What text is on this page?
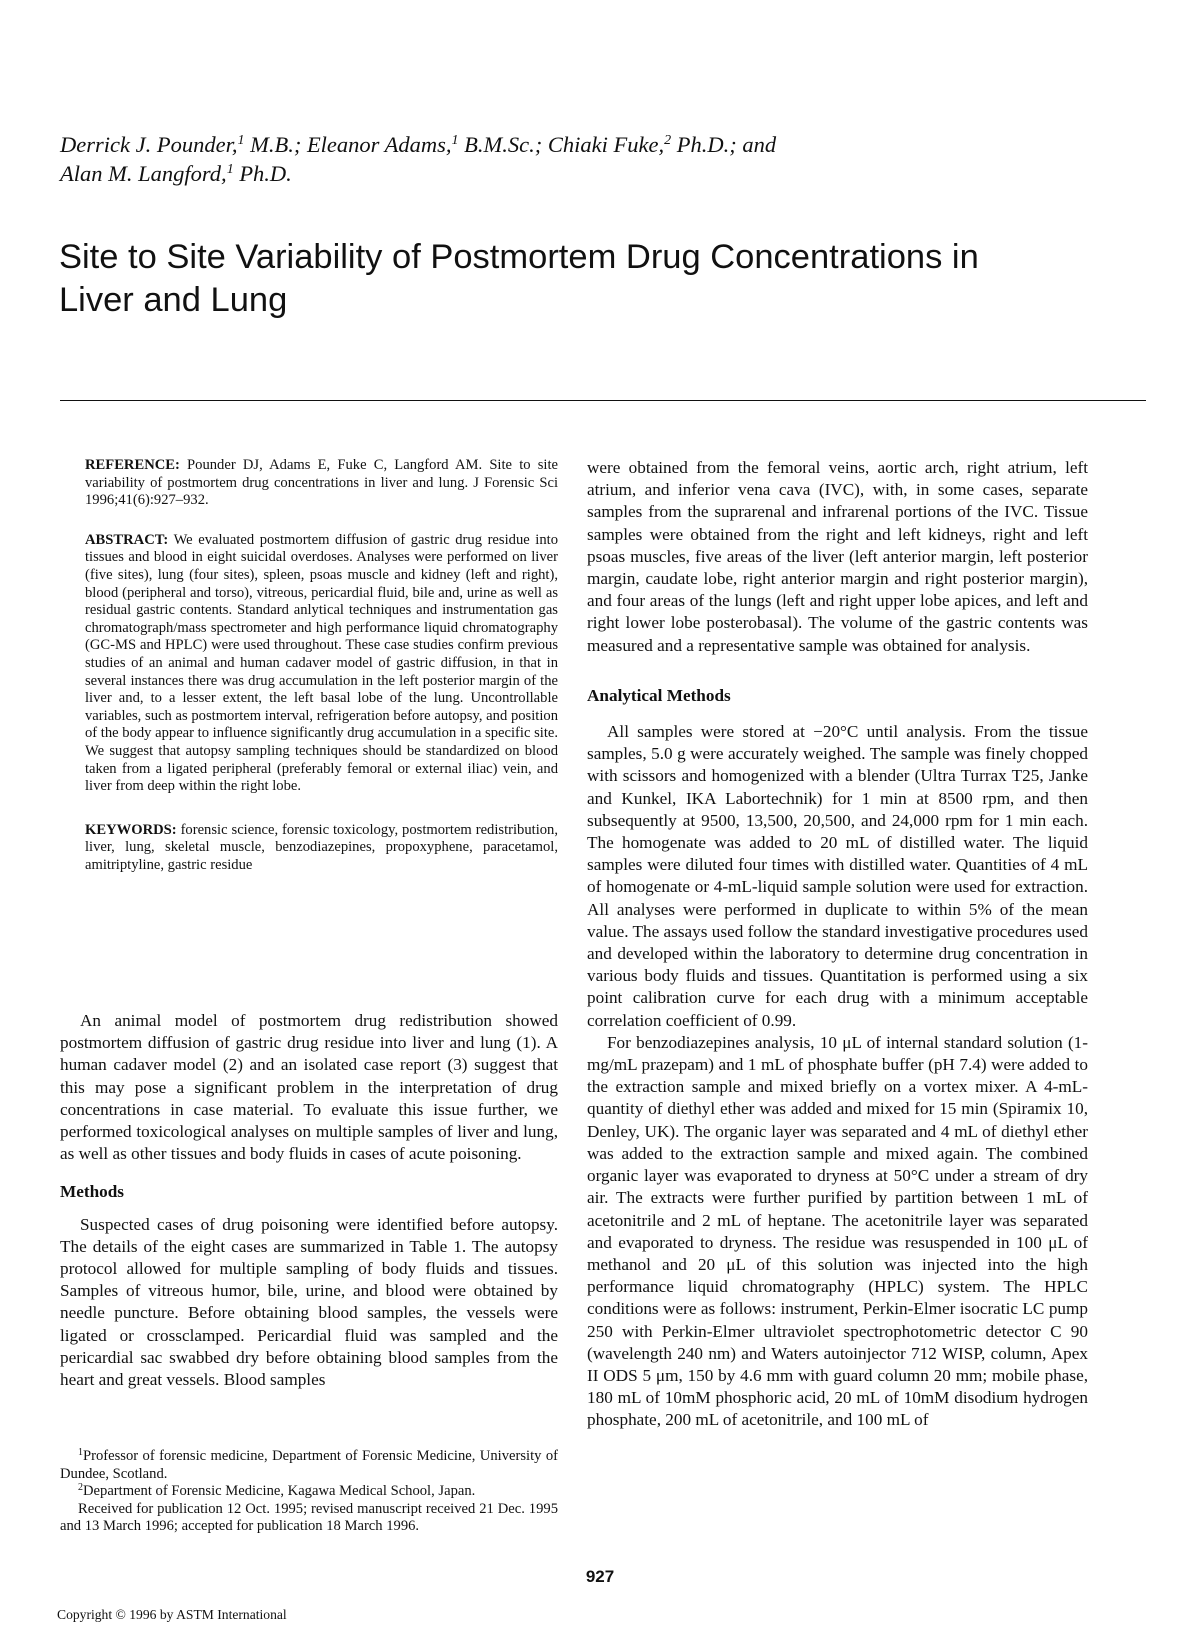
Derrick J. Pounder,$^1$ M.B.; Eleanor Adams,$^1$ B.M.Sc.; Chiaki Fuke,$^2$ Ph.D.; and
Alan M. Langford,$^1$ Ph.D.
Site to Site Variability of Postmortem Drug Concentrations in
Liver and Lung

REFERENCE: Pounder DJ, Adams E, Fuke C, Langford AM. Site to site variability of postmortem drug concentrations in liver and lung. J Forensic Sci 1996;41(6):927–932.

ABSTRACT: We evaluated postmortem diffusion of gastric drug residue into tissues and blood in eight suicidal overdoses. Analyses were performed on liver (five sites), lung (four sites), spleen, psoas muscle and kidney (left and right), blood (peripheral and torso), vitreous, pericardial fluid, bile and, urine as well as residual gastric contents. Standard anlytical techniques and instrumentation gas chromatograph/mass spectrometer and high performance liquid chromatography (GC-MS and HPLC) were used throughout. These case studies confirm previous studies of an animal and human cadaver model of gastric diffusion, in that in several instances there was drug accumulation in the left posterior margin of the liver and, to a lesser extent, the left basal lobe of the lung. Uncontrollable variables, such as postmortem interval, refrigeration before autopsy, and position of the body appear to influence significantly drug accumulation in a specific site. We suggest that autopsy sampling techniques should be standardized on blood taken from a ligated peripheral (preferably femoral or external iliac) vein, and liver from deep within the right lobe.

KEYWORDS: forensic science, forensic toxicology, postmortem redistribution, liver, lung, skeletal muscle, benzodiazepines, propoxyphene, paracetamol, amitriptyline, gastric residue

An animal model of postmortem drug redistribution showed postmortem diffusion of gastric drug residue into liver and lung (1). A human cadaver model (2) and an isolated case report (3) suggest that this may pose a significant problem in the interpretation of drug concentrations in case material. To evaluate this issue further, we performed toxicological analyses on multiple samples of liver and lung, as well as other tissues and body fluids in cases of acute poisoning.

Methods

Suspected cases of drug poisoning were identified before autopsy. The details of the eight cases are summarized in Table 1. The autopsy protocol allowed for multiple sampling of body fluids and tissues. Samples of vitreous humor, bile, urine, and blood were obtained by needle puncture. Before obtaining blood samples, the vessels were ligated or crossclamped. Pericardial fluid was sampled and the pericardial sac swabbed dry before obtaining blood samples from the heart and great vessels. Blood samples

were obtained from the femoral veins, aortic arch, right atrium, left atrium, and inferior vena cava (IVC), with, in some cases, separate samples from the suprarenal and infrarenal portions of the IVC. Tissue samples were obtained from the right and left kidneys, right and left psoas muscles, five areas of the liver (left anterior margin, left posterior margin, caudate lobe, right anterior margin and right posterior margin), and four areas of the lungs (left and right upper lobe apices, and left and right lower lobe posterobasal). The volume of the gastric contents was measured and a representative sample was obtained for analysis.

Analytical Methods

All samples were stored at −20°C until analysis. From the tissue samples, 5.0 g were accurately weighed. The sample was finely chopped with scissors and homogenized with a blender (Ultra Turrax T25, Janke and Kunkel, IKA Labortechnik) for 1 min at 8500 rpm, and then subsequently at 9500, 13,500, 20,500, and 24,000 rpm for 1 min each. The homogenate was added to 20 mL of distilled water. The liquid samples were diluted four times with distilled water. Quantities of 4 mL of homogenate or 4-mL-liquid sample solution were used for extraction. All analyses were performed in duplicate to within 5% of the mean value. The assays used follow the standard investigative procedures used and developed within the laboratory to determine drug concentration in various body fluids and tissues. Quantitation is performed using a six point calibration curve for each drug with a minimum acceptable correlation coefficient of 0.99.

For benzodiazepines analysis, 10 μL of internal standard solution (1-mg/mL prazepam) and 1 mL of phosphate buffer (pH 7.4) were added to the extraction sample and mixed briefly on a vortex mixer. A 4-mL-quantity of diethyl ether was added and mixed for 15 min (Spiramix 10, Denley, UK). The organic layer was separated and 4 mL of diethyl ether was added to the extraction sample and mixed again. The combined organic layer was evaporated to dryness at 50°C under a stream of dry air. The extracts were further purified by partition between 1 mL of acetonitrile and 2 mL of heptane. The acetonitrile layer was separated and evaporated to dryness. The residue was resuspended in 100 μL of methanol and 20 μL of this solution was injected into the high performance liquid chromatography (HPLC) system. The HPLC conditions were as follows: instrument, Perkin-Elmer isocratic LC pump 250 with Perkin-Elmer ultraviolet spectrophotometric detector C 90 (wavelength 240 nm) and Waters autoinjector 712 WISP, column, Apex II ODS 5 μm, 150 by 4.6 mm with guard column 20 mm; mobile phase, 180 mL of 10mM phosphoric acid, 20 mL of 10mM disodium hydrogen phosphate, 200 mL of acetonitrile, and 100 mL of

$^1$Professor of forensic medicine, Department of Forensic Medicine, University of Dundee, Scotland.

$^2$Department of Forensic Medicine, Kagawa Medical School, Japan.

Received for publication 12 Oct. 1995; revised manuscript received 21 Dec. 1995 and 13 March 1996; accepted for publication 18 March 1996.

927
Copyright © 1996 by ASTM International
